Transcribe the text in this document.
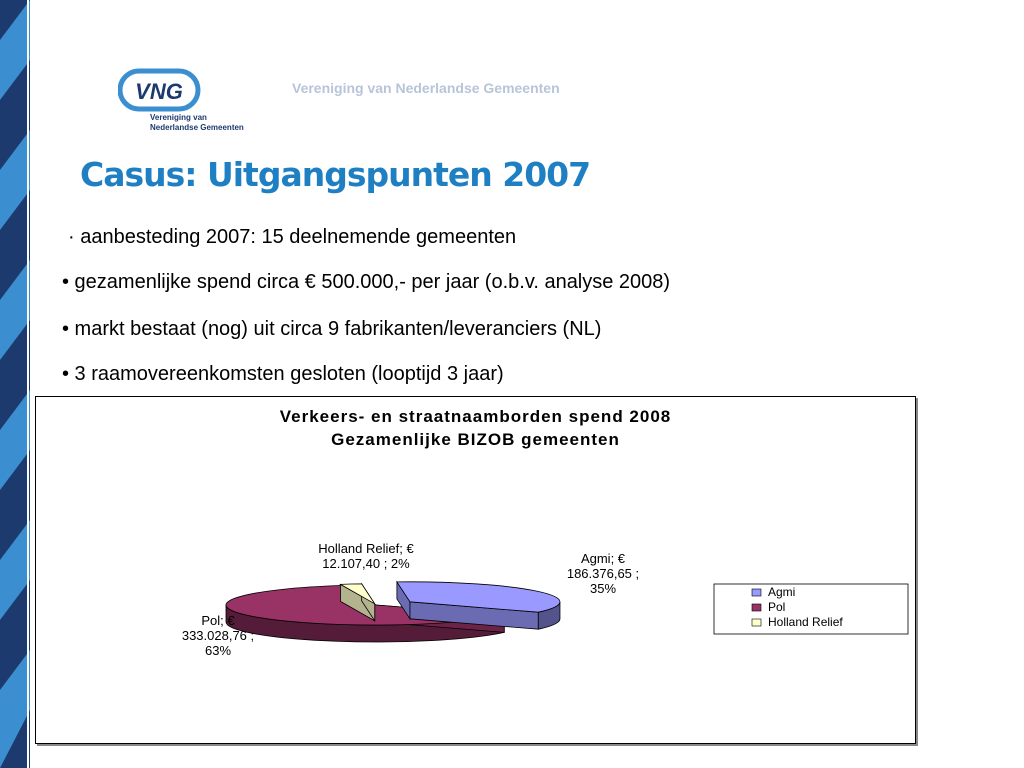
VNG
Vereniging van
Nederlandse Gemeenten
Vereniging van Nederlandse Gemeenten
Casus: Uitgangspunten 2007
· aanbesteding 2007: 15 deelnemende gemeenten
• gezamenlijke spend circa € 500.000,- per jaar (o.b.v. analyse 2008)
• markt bestaat (nog) uit circa 9 fabrikanten/leveranciers (NL)
• 3 raamovereenkomsten gesloten (looptijd 3 jaar)
Verkeers- en straatnaamborden spend 2008
Gezamenlijke BIZOB gemeenten
Agmi; € 186.376,65 ; 35%
Pol; € 333.028,76 ; 63%
Holland Relief; € 12.107,40 ; 2%
Agmi
Pol
Holland Relief
